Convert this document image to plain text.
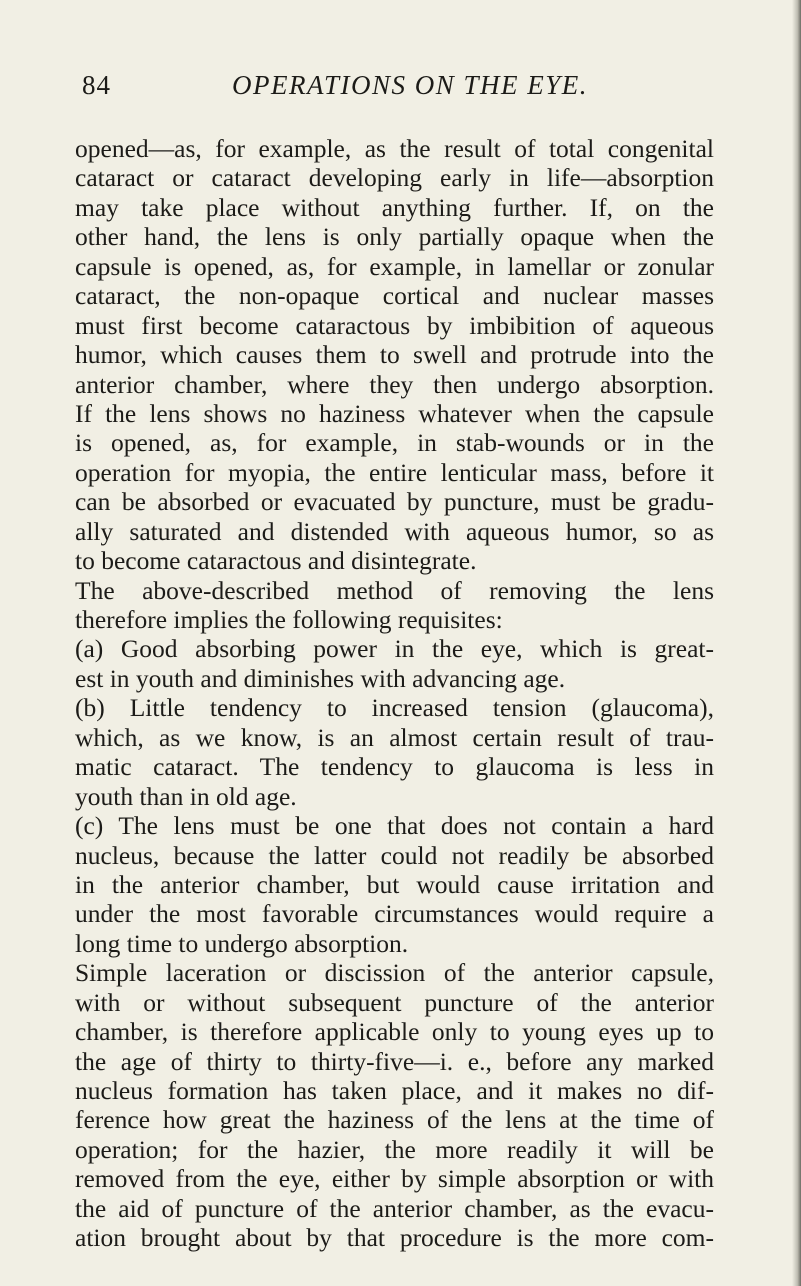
84	OPERATIONS ON THE EYE.
opened—as, for example, as the result of total congenital
cataract or cataract developing early in life—absorption
may take place without anything further. If, on the
other hand, the lens is only partially opaque when the
capsule is opened, as, for example, in lamellar or zonular
cataract, the non-opaque cortical and nuclear masses
must first become cataractous by imbibition of aqueous
humor, which causes them to swell and protrude into the
anterior chamber, where they then undergo absorption.
If the lens shows no haziness whatever when the capsule
is opened, as, for example, in stab-wounds or in the
operation for myopia, the entire lenticular mass, before it
can be absorbed or evacuated by puncture, must be gradu-
ally saturated and distended with aqueous humor, so as
to become cataractous and disintegrate.
The above-described method of removing the lens
therefore implies the following requisites:
(a) Good absorbing power in the eye, which is great-
est in youth and diminishes with advancing age.
(b) Little tendency to increased tension (glaucoma),
which, as we know, is an almost certain result of trau-
matic cataract. The tendency to glaucoma is less in
youth than in old age.
(c) The lens must be one that does not contain a hard
nucleus, because the latter could not readily be absorbed
in the anterior chamber, but would cause irritation and
under the most favorable circumstances would require a
long time to undergo absorption.
Simple laceration or discission of the anterior capsule,
with or without subsequent puncture of the anterior
chamber, is therefore applicable only to young eyes up to
the age of thirty to thirty-five—i. e., before any marked
nucleus formation has taken place, and it makes no dif-
ference how great the haziness of the lens at the time of
operation; for the hazier, the more readily it will be
removed from the eye, either by simple absorption or with
the aid of puncture of the anterior chamber, as the evacu-
ation brought about by that procedure is the more com-
